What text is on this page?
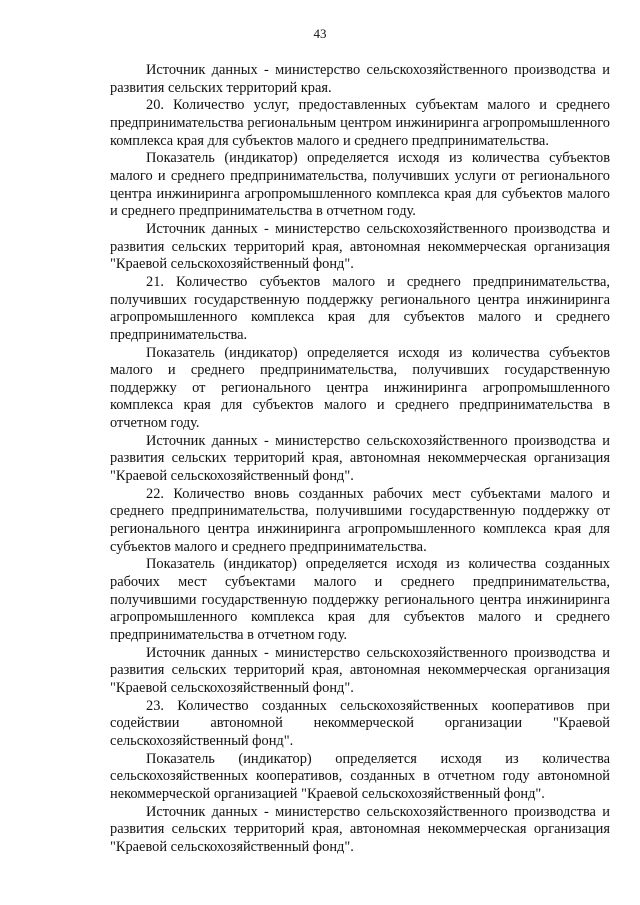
43

Источник данных - министерство сельскохозяйственного производства и развития сельских территорий края.

20. Количество услуг, предоставленных субъектам малого и среднего предпринимательства региональным центром инжиниринга агропромышленного комплекса края для субъектов малого и среднего предпринимательства.

Показатель (индикатор) определяется исходя из количества субъектов малого и среднего предпринимательства, получивших услуги от регионального центра инжиниринга агропромышленного комплекса края для субъектов малого и среднего предпринимательства в отчетном году.

Источник данных - министерство сельскохозяйственного производства и развития сельских территорий края, автономная некоммерческая организация "Краевой сельскохозяйственный фонд".

21. Количество субъектов малого и среднего предпринимательства, получивших государственную поддержку регионального центра инжиниринга агропромышленного комплекса края для субъектов малого и среднего предпринимательства.

Показатель (индикатор) определяется исходя из количества субъектов малого и среднего предпринимательства, получивших государственную поддержку от регионального центра инжиниринга агропромышленного комплекса края для субъектов малого и среднего предпринимательства в отчетном году.

Источник данных - министерство сельскохозяйственного производства и развития сельских территорий края, автономная некоммерческая организация "Краевой сельскохозяйственный фонд".

22. Количество вновь созданных рабочих мест субъектами малого и среднего предпринимательства, получившими государственную поддержку от регионального центра инжиниринга агропромышленного комплекса края для субъектов малого и среднего предпринимательства.

Показатель (индикатор) определяется исходя из количества созданных рабочих мест субъектами малого и среднего предпринимательства, получившими государственную поддержку регионального центра инжиниринга агропромышленного комплекса края для субъектов малого и среднего предпринимательства в отчетном году.

Источник данных - министерство сельскохозяйственного производства и развития сельских территорий края, автономная некоммерческая организация "Краевой сельскохозяйственный фонд".

23. Количество созданных сельскохозяйственных кооперативов при содействии автономной некоммерческой организации "Краевой сельскохозяйственный фонд".

Показатель (индикатор) определяется исходя из количества сельскохозяйственных кооперативов, созданных в отчетном году автономной некоммерческой организацией "Краевой сельскохозяйственный фонд".

Источник данных - министерство сельскохозяйственного производства и развития сельских территорий края, автономная некоммерческая организация "Краевой сельскохозяйственный фонд".
